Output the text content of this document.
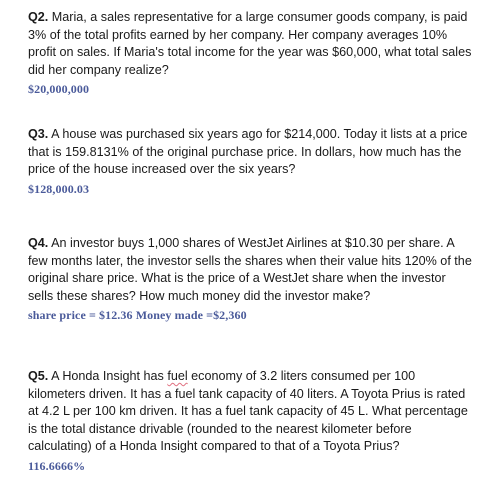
Q2. Maria, a sales representative for a large consumer goods company, is paid 3% of the total profits earned by her company. Her company averages 10% profit on sales. If Maria's total income for the year was $60,000, what total sales did her company realize?

$20,000,000

Q3. A house was purchased six years ago for $214,000. Today it lists at a price that is 159.8131% of the original purchase price. In dollars, how much has the price of the house increased over the six years?

$128,000.03

Q4. An investor buys 1,000 shares of WestJet Airlines at $10.30 per share. A few months later, the investor sells the shares when their value hits 120% of the original share price. What is the price of a WestJet share when the investor sells these shares? How much money did the investor make?

share price = $12.36 Money made =$2,360

Q5. A Honda Insight has fuel economy of 3.2 liters consumed per 100 kilometers driven. It has a fuel tank capacity of 40 liters. A Toyota Prius is rated at 4.2 L per 100 km driven. It has a fuel tank capacity of 45 L. What percentage is the total distance drivable (rounded to the nearest kilometer before calculating) of a Honda Insight compared to that of a Toyota Prius?

116.6666%
